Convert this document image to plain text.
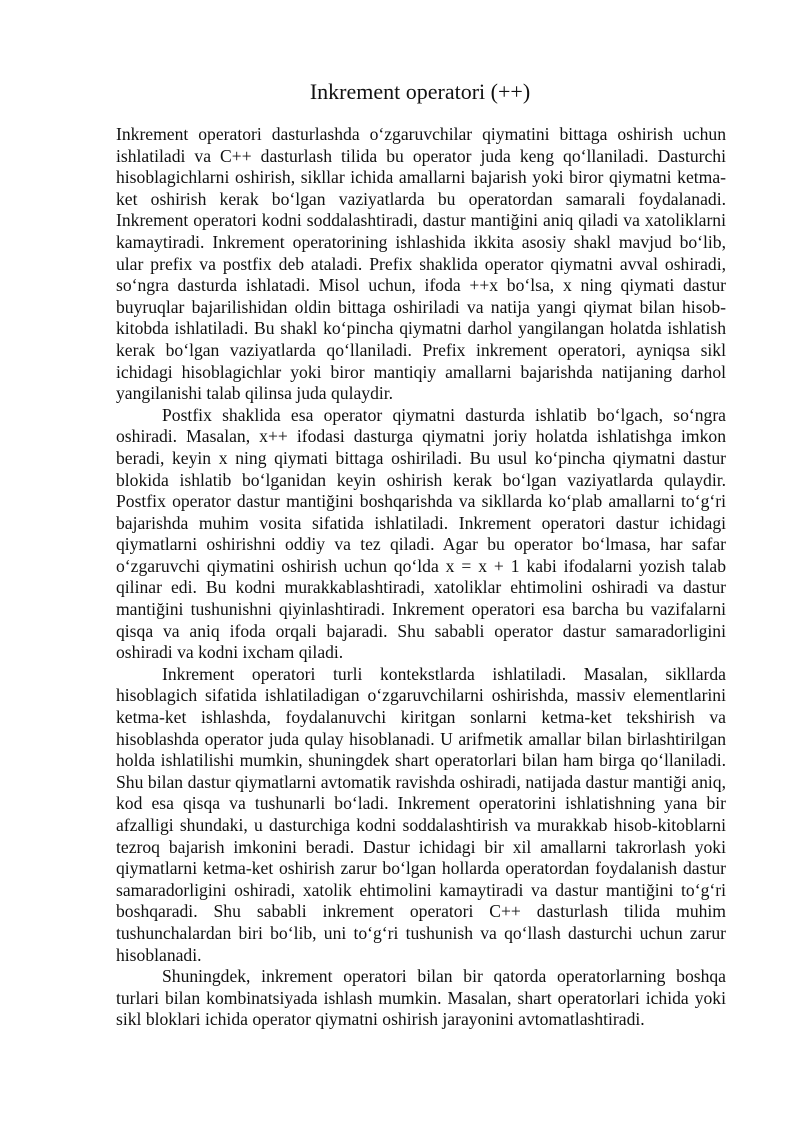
Inkrement operatori (++)

Inkrement operatori dasturlashda o‘zgaruvchilar qiymatini bittaga oshirish uchun ishlatiladi va C++ dasturlash tilida bu operator juda keng qo‘llaniladi. Dasturchi hisoblagichlarni oshirish, sikllar ichida amallarni bajarish yoki biror qiymatni ketma-ket oshirish kerak bo‘lgan vaziyatlarda bu operatordan samarali foydalanadi. Inkrement operatori kodni soddalashtiradi, dastur mantiğini aniq qiladi va xatoliklarni kamaytiradi. Inkrement operatorining ishlashida ikkita asosiy shakl mavjud bo‘lib, ular prefix va postfix deb ataladi. Prefix shaklida operator qiymatni avval oshiradi, so‘ngra dasturda ishlatadi. Misol uchun, ifoda ++x bo‘lsa, x ning qiymati dastur buyruqlar bajarilishidan oldin bittaga oshiriladi va natija yangi qiymat bilan hisob-kitobda ishlatiladi. Bu shakl ko‘pincha qiymatni darhol yangilangan holatda ishlatish kerak bo‘lgan vaziyatlarda qo‘llaniladi. Prefix inkrement operatori, ayniqsa sikl ichidagi hisoblagichlar yoki biror mantiqiy amallarni bajarishda natijaning darhol yangilanishi talab qilinsa juda qulaydir.

Postfix shaklida esa operator qiymatni dasturda ishlatib bo‘lgach, so‘ngra oshiradi. Masalan, x++ ifodasi dasturga qiymatni joriy holatda ishlatishga imkon beradi, keyin x ning qiymati bittaga oshiriladi. Bu usul ko‘pincha qiymatni dastur blokida ishlatib bo‘lganidan keyin oshirish kerak bo‘lgan vaziyatlarda qulaydir. Postfix operator dastur mantiğini boshqarishda va sikllarda ko‘plab amallarni to‘g‘ri bajarishda muhim vosita sifatida ishlatiladi. Inkrement operatori dastur ichidagi qiymatlarni oshirishni oddiy va tez qiladi. Agar bu operator bo‘lmasa, har safar o‘zgaruvchi qiymatini oshirish uchun qo‘lda x = x + 1 kabi ifodalarni yozish talab qilinar edi. Bu kodni murakkablashtiradi, xatoliklar ehtimolini oshiradi va dastur mantiğini tushunishni qiyinlashtiradi. Inkrement operatori esa barcha bu vazifalarni qisqa va aniq ifoda orqali bajaradi. Shu sababli operator dastur samaradorligini oshiradi va kodni ixcham qiladi.

Inkrement operatori turli kontekstlarda ishlatiladi. Masalan, sikllarda hisoblagich sifatida ishlatiladigan o‘zgaruvchilarni oshirishda, massiv elementlarini ketma-ket ishlashda, foydalanuvchi kiritgan sonlarni ketma-ket tekshirish va hisoblashda operator juda qulay hisoblanadi. U arifmetik amallar bilan birlashtirilgan holda ishlatilishi mumkin, shuningdek shart operatorlari bilan ham birga qo‘llaniladi. Shu bilan dastur qiymatlarni avtomatik ravishda oshiradi, natijada dastur mantiği aniq, kod esa qisqa va tushunarli bo‘ladi. Inkrement operatorini ishlatishning yana bir afzalligi shundaki, u dasturchiga kodni soddalashtirish va murakkab hisob-kitoblarni tezroq bajarish imkonini beradi. Dastur ichidagi bir xil amallarni takrorlash yoki qiymatlarni ketma-ket oshirish zarur bo‘lgan hollarda operatordan foydalanish dastur samaradorligini oshiradi, xatolik ehtimolini kamaytiradi va dastur mantiğini to‘g‘ri boshqaradi. Shu sababli inkrement operatori C++ dasturlash tilida muhim tushunchalardan biri bo‘lib, uni to‘g‘ri tushunish va qo‘llash dasturchi uchun zarur hisoblanadi.

Shuningdek, inkrement operatori bilan bir qatorda operatorlarning boshqa turlari bilan kombinatsiyada ishlash mumkin. Masalan, shart operatorlari ichida yoki sikl bloklari ichida operator qiymatni oshirish jarayonini avtomatlashtiradi.
